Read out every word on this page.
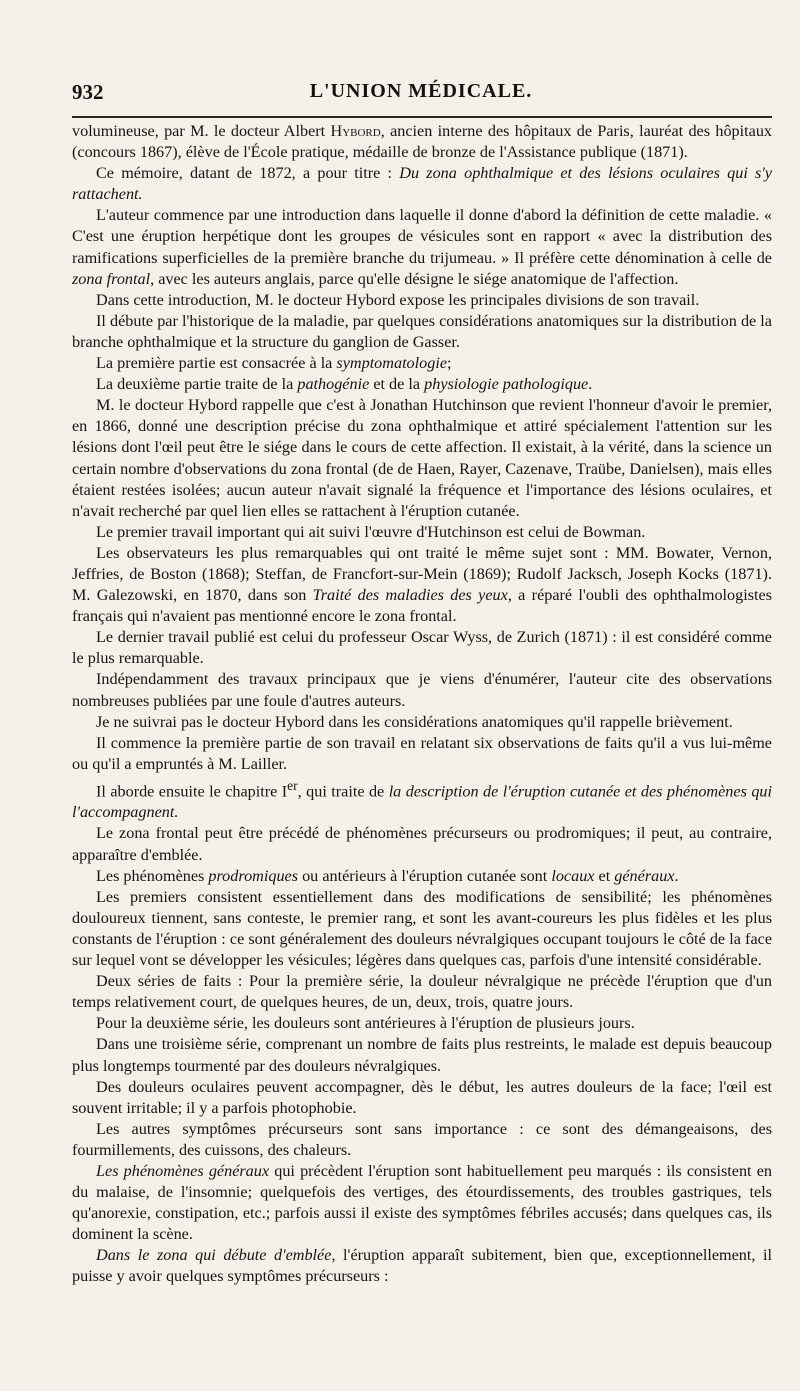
932	L'UNION MÉDICALE.

volumineuse, par M. le docteur Albert Hybord, ancien interne des hôpitaux de Paris, lauréat des hôpitaux (concours 1867), élève de l'École pratique, médaille de bronze de l'Assistance publique (1871).

Ce mémoire, datant de 1872, a pour titre : Du zona ophthalmique et des lésions oculaires qui s'y rattachent.

L'auteur commence par une introduction dans laquelle il donne d'abord la définition de cette maladie. « C'est une éruption herpétique dont les groupes de vésicules sont en rapport « avec la distribution des ramifications superficielles de la première branche du trijumeau. » Il préfère cette dénomination à celle de zona frontal, avec les auteurs anglais, parce qu'elle désigne le siége anatomique de l'affection.

Dans cette introduction, M. le docteur Hybord expose les principales divisions de son travail.

Il débute par l'historique de la maladie, par quelques considérations anatomiques sur la distribution de la branche ophthalmique et la structure du ganglion de Gasser.

La première partie est consacrée à la symptomatologie;

La deuxième partie traite de la pathogénie et de la physiologie pathologique.

M. le docteur Hybord rappelle que c'est à Jonathan Hutchinson que revient l'honneur d'avoir le premier, en 1866, donné une description précise du zona ophthalmique et attiré spécialement l'attention sur les lésions dont l'œil peut être le siége dans le cours de cette affection. Il existait, à la vérité, dans la science un certain nombre d'observations du zona frontal (de de Haen, Rayer, Cazenave, Traübe, Danielsen), mais elles étaient restées isolées; aucun auteur n'avait signalé la fréquence et l'importance des lésions oculaires, et n'avait recherché par quel lien elles se rattachent à l'éruption cutanée.

Le premier travail important qui ait suivi l'œuvre d'Hutchinson est celui de Bowman.

Les observateurs les plus remarquables qui ont traité le même sujet sont : MM. Bowater, Vernon, Jeffries, de Boston (1868); Steffan, de Francfort-sur-Mein (1869); Rudolf Jacksch, Joseph Kocks (1871). M. Galezowski, en 1870, dans son Traité des maladies des yeux, a réparé l'oubli des ophthalmologistes français qui n'avaient pas mentionné encore le zona frontal.

Le dernier travail publié est celui du professeur Oscar Wyss, de Zurich (1871) : il est considéré comme le plus remarquable.

Indépendamment des travaux principaux que je viens d'énumérer, l'auteur cite des observations nombreuses publiées par une foule d'autres auteurs.

Je ne suivrai pas le docteur Hybord dans les considérations anatomiques qu'il rappelle brièvement.

Il commence la première partie de son travail en relatant six observations de faits qu'il a vus lui-même ou qu'il a empruntés à M. Lailler.

Il aborde ensuite le chapitre Ier, qui traite de la description de l'éruption cutanée et des phénomènes qui l'accompagnent.

Le zona frontal peut être précédé de phénomènes précurseurs ou prodromiques; il peut, au contraire, apparaître d'emblée.

Les phénomènes prodromiques ou antérieurs à l'éruption cutanée sont locaux et généraux.

Les premiers consistent essentiellement dans des modifications de sensibilité; les phénomènes douloureux tiennent, sans conteste, le premier rang, et sont les avant-coureurs les plus fidèles et les plus constants de l'éruption : ce sont généralement des douleurs névralgiques occupant toujours le côté de la face sur lequel vont se développer les vésicules; légères dans quelques cas, parfois d'une intensité considérable.

Deux séries de faits : Pour la première série, la douleur névralgique ne précède l'éruption que d'un temps relativement court, de quelques heures, de un, deux, trois, quatre jours.

Pour la deuxième série, les douleurs sont antérieures à l'éruption de plusieurs jours.

Dans une troisième série, comprenant un nombre de faits plus restreints, le malade est depuis beaucoup plus longtemps tourmenté par des douleurs névralgiques.

Des douleurs oculaires peuvent accompagner, dès le début, les autres douleurs de la face; l'œil est souvent irritable; il y a parfois photophobie.

Les autres symptômes précurseurs sont sans importance : ce sont des démangeaisons, des fourmillements, des cuissons, des chaleurs.

Les phénomènes généraux qui précèdent l'éruption sont habituellement peu marqués : ils consistent en du malaise, de l'insomnie; quelquefois des vertiges, des étourdissements, des troubles gastriques, tels qu'anorexie, constipation, etc.; parfois aussi il existe des symptômes fébriles accusés; dans quelques cas, ils dominent la scène.

Dans le zona qui débute d'emblée, l'éruption apparaît subitement, bien que, exceptionnellement, il puisse y avoir quelques symptômes précurseurs :
